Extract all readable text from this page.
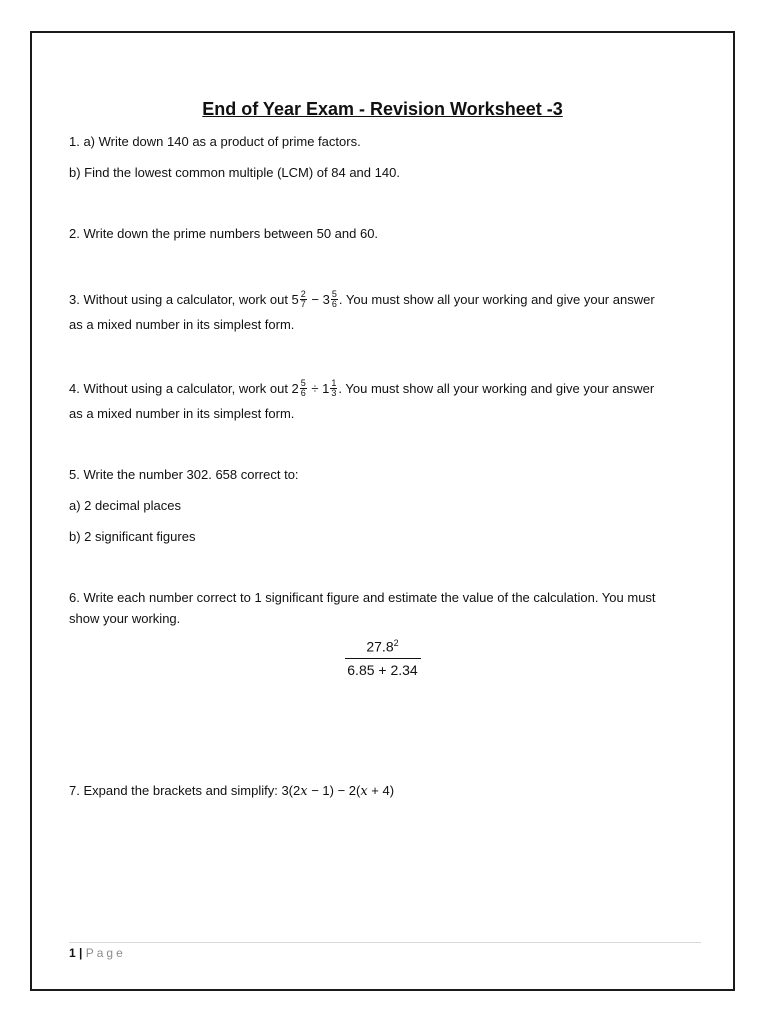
End of Year Exam - Revision Worksheet -3
1. a) Write down 140 as a product of prime factors.
b) Find the lowest common multiple (LCM) of 84 and 140.
2. Write down the prime numbers between 50 and 60.
3. Without using a calculator, work out $5 \frac{2}{7} - 3 \frac{5}{6}$ . You must show all your working and give your answer
as a mixed number in its simplest form.
4. Without using a calculator, work out $2 \frac{5}{6} \div 1 \frac{1}{3}$ . You must show all your working and give your answer
as a mixed number in its simplest form.
5. Write the number 302. 658 correct to:
a) 2 decimal places
b) 2 significant figures
6. Write each number correct to 1 significant figure and estimate the value of the calculation. You must
show your working.
27.8$^2$
6.85 + 2.34
7. Expand the brackets and simplify: 3(2x − 1) − 2(x + 4)
1 | Page
